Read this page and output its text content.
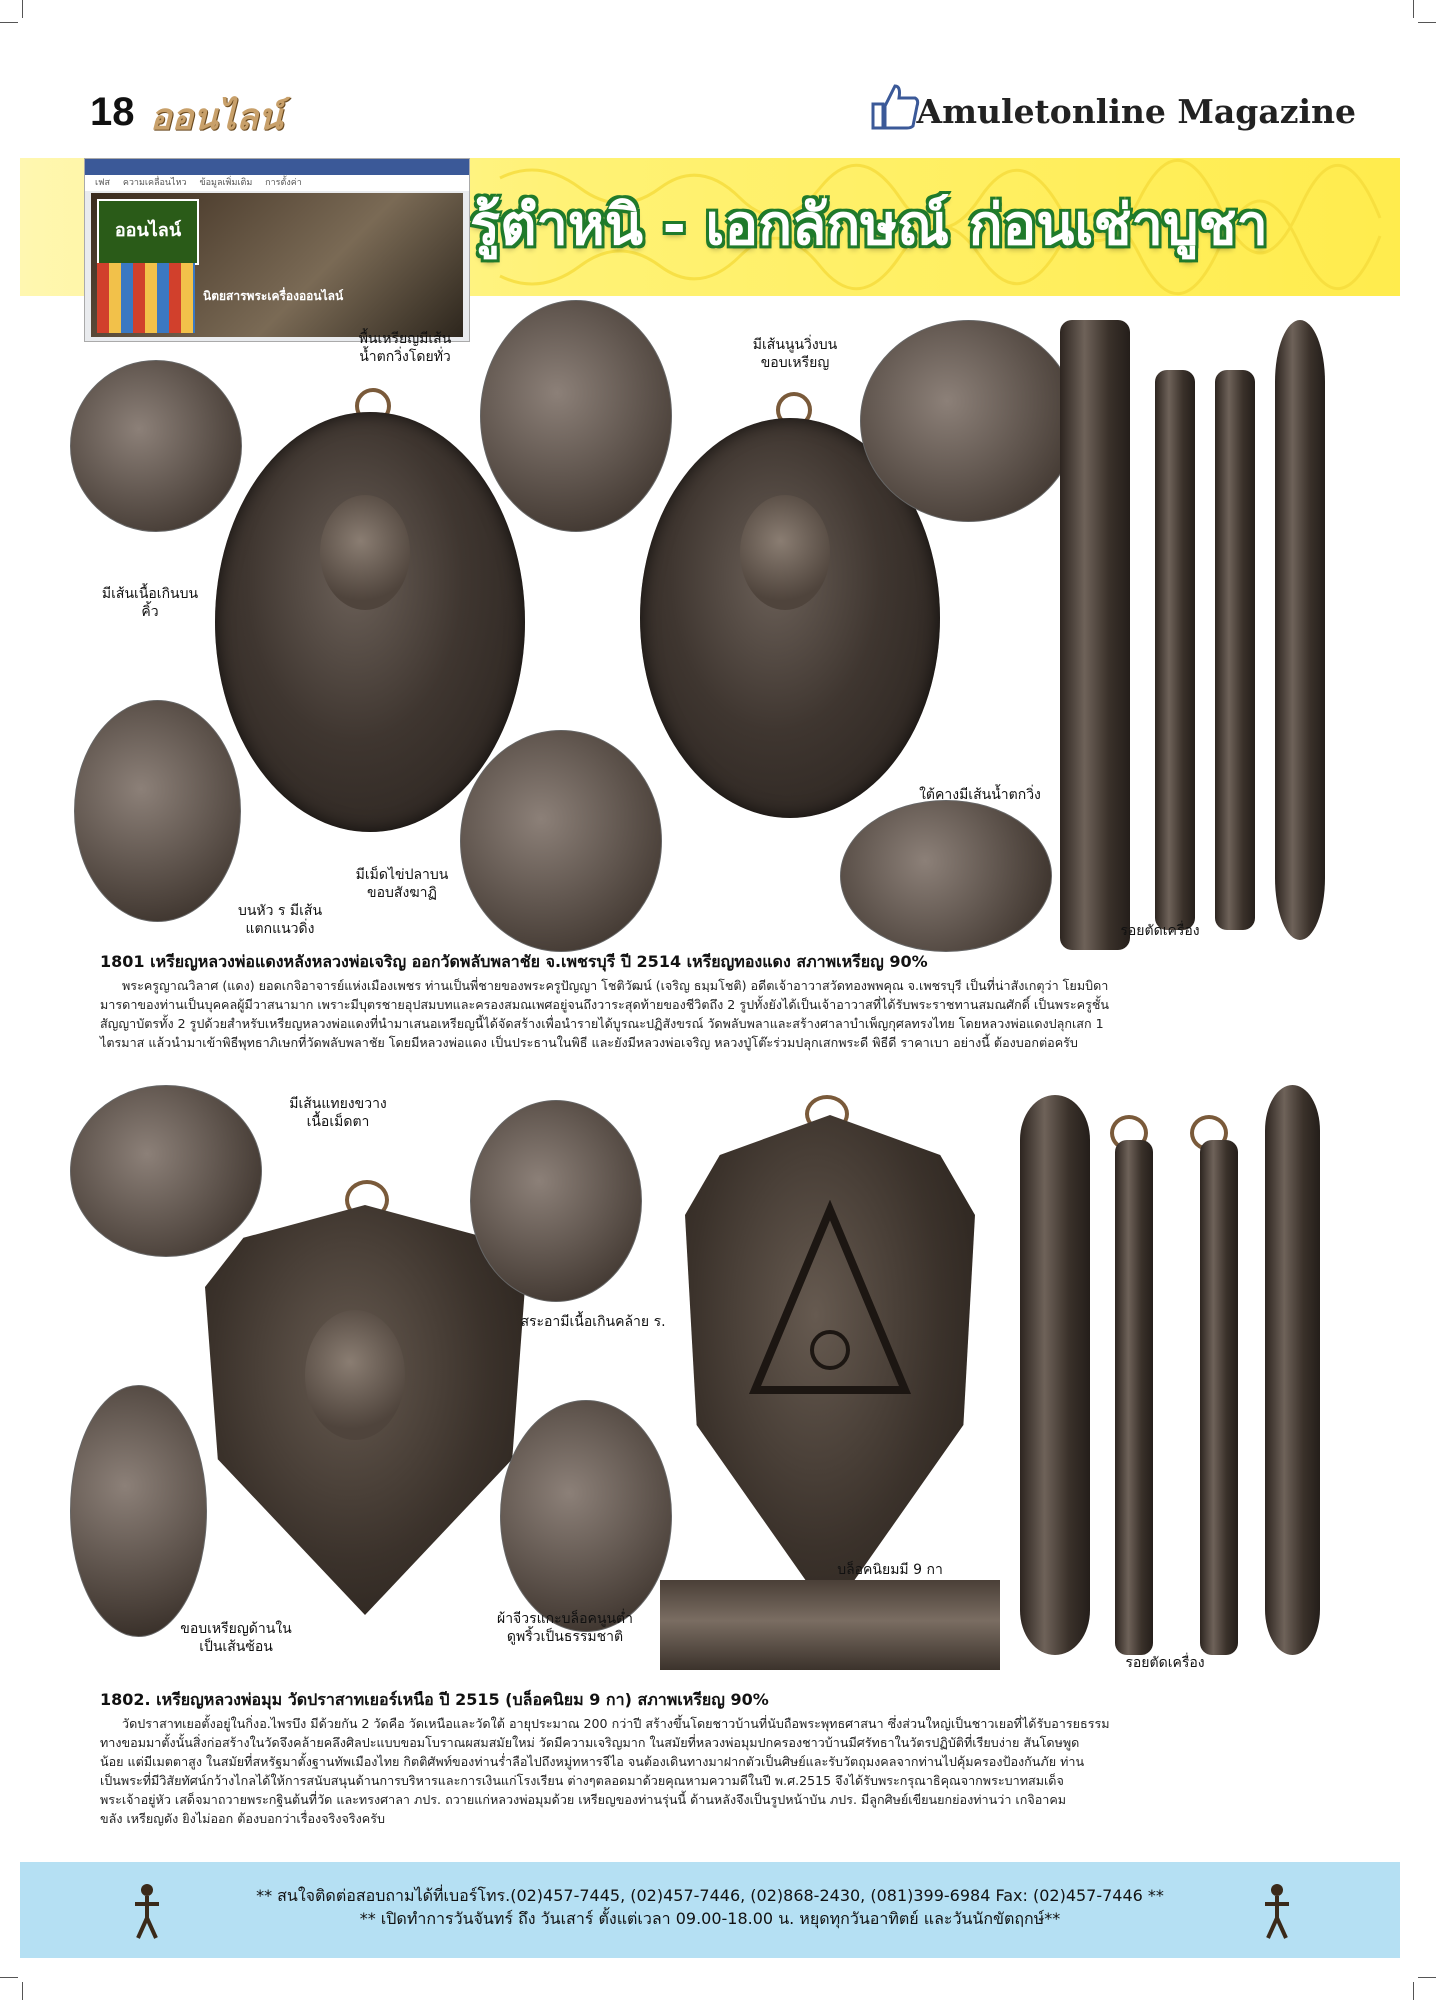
18 ออนไลน์	Amuletonline Magazine
รู้ตำหนิ - เอกลักษณ์ ก่อนเช่าบูชา
เฟส ความเคลื่อนไหว ข้อมูลเพิ่มเติม การตั้งค่า
ออนไลน์
นิตยสารพระเครื่องออนไลน์
พื้นเหรียญมีเส้นน้ำตกวิ่งโดยทั่ว
มีเส้นเนื้อเกินบนคิ้ว
มีเส้นนูนวิ่งบนขอบเหรียญ
ใต้คางมีเส้นน้ำตกวิ่ง
มีเม็ดไข่ปลาบนขอบสังฆาฏิ
บนหัว ร มีเส้นแตกแนวดิ่ง	รอยตัดเครื่อง
1801 เหรียญหลวงพ่อแดงหลังหลวงพ่อเจริญ ออกวัดพลับพลาชัย จ.เพชรบุรี ปี 2514 เหรียญทองแดง สภาพเหรียญ 90%
พระครูญาณวิลาศ (แดง) ยอดเกจิอาจารย์แห่งเมืองเพชร ท่านเป็นพี่ชายของพระครูปัญญา โชติวัฒน์ (เจริญ ธมฺมโชติ) อดีตเจ้าอาวาสวัดทองพพคุณ จ.เพชรบุรี เป็นที่น่าสังเกตุว่า โยมบิดา
มารดาของท่านเป็นบุคคลผู้มีวาสนามาก เพราะมีบุตรชายอุปสมบทและครองสมณเพศอยู่จนถึงวาระสุดท้ายของชีวิตถึง 2 รูปทั้งยังได้เป็นเจ้าอาวาสที่ได้รับพระราชทานสมณศักดิ์ เป็นพระครูชั้น
สัญญาบัตรทั้ง 2 รูปด้วยสำหรับเหรียญหลวงพ่อแดงที่นำมาเสนอเหรียญนี้ได้จัดสร้างเพื่อนำรายได้บูรณะปฏิสังขรณ์ วัดพลับพลาและสร้างศาลาบำเพ็ญกุศลทรงไทย โดยหลวงพ่อแดงปลุกเสก 1
ไตรมาส แล้วนำมาเข้าพิธีพุทธาภิเษกที่วัดพลับพลาชัย โดยมีหลวงพ่อแดง เป็นประธานในพิธี และยังมีหลวงพ่อเจริญ หลวงปู่โต๊ะร่วมปลุกเสกพระดี พิธีดี ราคาเบา อย่างนี้ ต้องบอกต่อครับ
มีเส้นแทยงขวางเนื้อเม็ดตา
สระอามีเนื้อเกินคล้าย ร.
บล็อคนิยมมี 9 กา
ผ้าจีวรแกะบล็อคนูนต่ำดูพริ้วเป็นธรรมชาติ
ขอบเหรียญด้านในเป็นเส้นซ้อน
รอยตัดเครื่อง
1802. เหรียญหลวงพ่อมุม วัดปราสาทเยอร์เหนือ ปี 2515 (บล็อคนิยม 9 กา) สภาพเหรียญ 90%
วัดปราสาทเยอตั้งอยู่ในกิ่งอ.ไพรบึง มีด้วยกัน 2 วัดคือ วัดเหนือและวัดใต้ อายุประมาณ 200 กว่าปี สร้างขึ้นโดยชาวบ้านที่นับถือพระพุทธศาสนา ซึ่งส่วนใหญ่เป็นชาวเยอที่ได้รับอารยธรรม
ทางขอมมาตั้งนั้นสิ่งก่อสร้างในวัดจึงคล้ายคลึงศิลปะแบบขอมโบราณผสมสมัยใหม่ วัดมีความเจริญมาก ในสมัยที่หลวงพ่อมุมปกครองชาวบ้านมีศรัทธาในวัตรปฏิบัติที่เรียบง่าย สันโดษพูด
น้อย แต่มีเมตตาสูง ในสมัยที่สหรัฐมาตั้งฐานทัพเมืองไทย กิตติศัพท์ของท่านร่ำลือไปถึงหมู่ทหารจีไอ จนต้องเดินทางมาฝากตัวเป็นศิษย์และรับวัตถุมงคลจากท่านไปคุ้มครองป้องกันภัย ท่าน
เป็นพระที่มีวิสัยทัศน์กว้างไกลได้ให้การสนับสนุนด้านการบริหารและการเงินแก่โรงเรียน ต่างๆตลอดมาด้วยคุณหามความดีในปี พ.ศ.2515 จึงได้รับพระกรุณาธิคุณจากพระบาทสมเด็จ
พระเจ้าอยู่หัว เสด็จมาถวายพระกฐินต้นที่วัด และทรงศาลา ภปร. ถวายแก่หลวงพ่อมุมด้วย เหรียญของท่านรุ่นนี้ ด้านหลังจึงเป็นรูปหน้าบัน ภปร. มีลูกศิษย์เขียนยกย่องท่านว่า เกจิอาคม
ขลัง เหรียญดัง ยิงไม่ออก ต้องบอกว่าเรื่องจริงจริงครับ

** สนใจติดต่อสอบถามได้ที่เบอร์โทร.(02)457-7445, (02)457-7446, (02)868-2430, (081)399-6984 Fax: (02)457-7446 **

** เปิดทำการวันจันทร์ ถึง วันเสาร์ ตั้งแต่เวลา 09.00-18.00 น. หยุดทุกวันอาทิตย์ และวันนักขัตฤกษ์**
